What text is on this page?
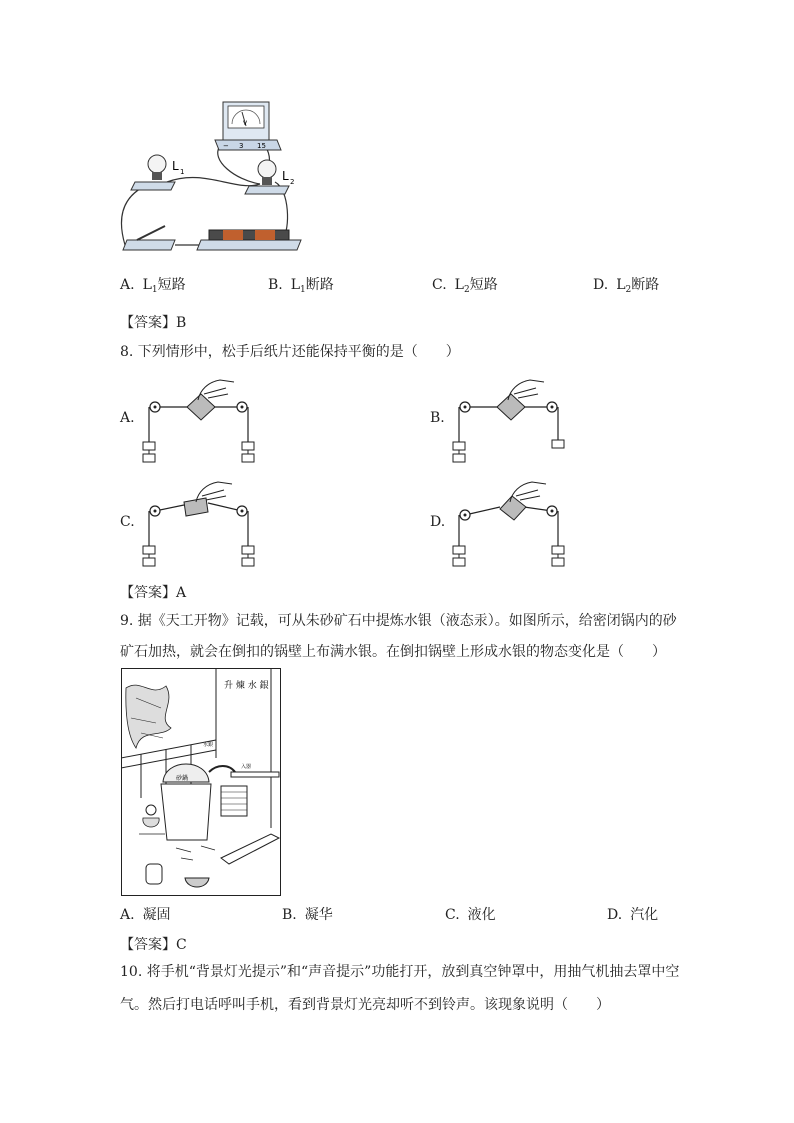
V
− 3 15
L 1	L 2
A. $L_1$短路	B. $L_1$断路	C. $L_2$短路	D. $L_2$断路
【答案】B
8. 下列情形中，松手后纸片还能保持平衡的是（　　）
A.	B.
C.	D.
【答案】A
9. 据《天工开物》记载，可从朱砂矿石中提炼水银（液态汞）。如图所示，给密闭锅内的砂
矿石加热，就会在倒扣的锅壁上布满水银。在倒扣锅壁上形成水银的物态变化是（　　）
升 煉 水 銀
砂鍋
水銀
入器
A. 凝固	B. 凝华	C. 液化	D. 汽化
【答案】C
10. 将手机“背景灯光提示”和“声音提示”功能打开，放到真空钟罩中，用抽气机抽去罩中空
气。然后打电话呼叫手机，看到背景灯光亮却听不到铃声。该现象说明（　　）
